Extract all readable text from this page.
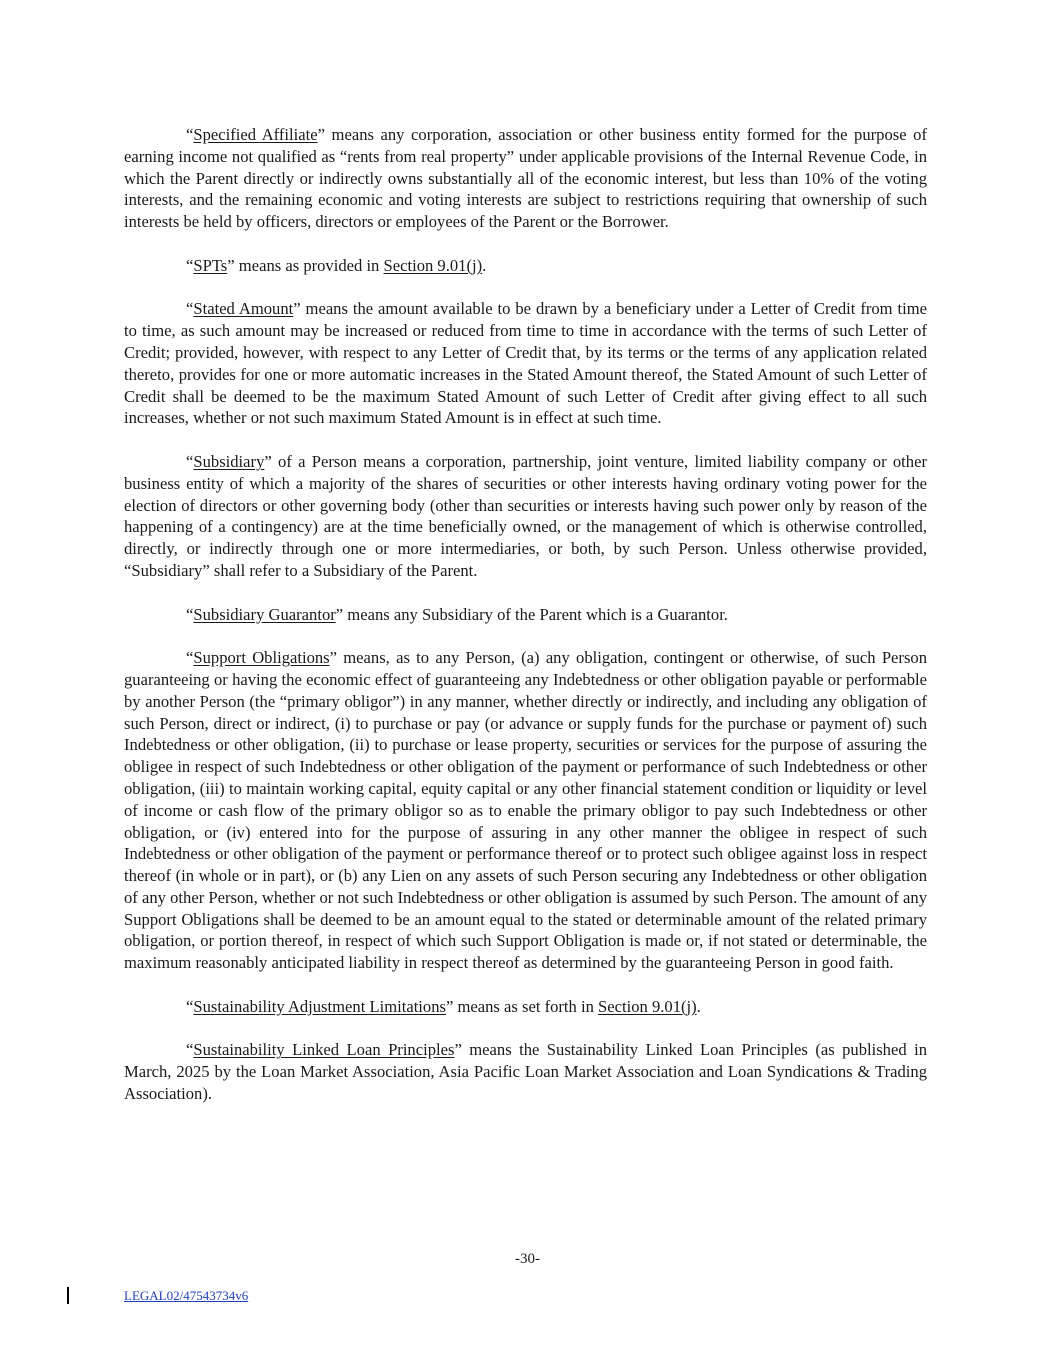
“Specified Affiliate” means any corporation, association or other business entity formed for the purpose of earning income not qualified as “rents from real property” under applicable provisions of the Internal Revenue Code, in which the Parent directly or indirectly owns substantially all of the economic interest, but less than 10% of the voting interests, and the remaining economic and voting interests are subject to restrictions requiring that ownership of such interests be held by officers, directors or employees of the Parent or the Borrower.

“SPTs” means as provided in Section 9.01(j).

“Stated Amount” means the amount available to be drawn by a beneficiary under a Letter of Credit from time to time, as such amount may be increased or reduced from time to time in accordance with the terms of such Letter of Credit; provided, however, with respect to any Letter of Credit that, by its terms or the terms of any application related thereto, provides for one or more automatic increases in the Stated Amount thereof, the Stated Amount of such Letter of Credit shall be deemed to be the maximum Stated Amount of such Letter of Credit after giving effect to all such increases, whether or not such maximum Stated Amount is in effect at such time.

“Subsidiary” of a Person means a corporation, partnership, joint venture, limited liability company or other business entity of which a majority of the shares of securities or other interests having ordinary voting power for the election of directors or other governing body (other than securities or interests having such power only by reason of the happening of a contingency) are at the time beneficially owned, or the management of which is otherwise controlled, directly, or indirectly through one or more intermediaries, or both, by such Person. Unless otherwise provided, “Subsidiary” shall refer to a Subsidiary of the Parent.

“Subsidiary Guarantor” means any Subsidiary of the Parent which is a Guarantor.

“Support Obligations” means, as to any Person, (a) any obligation, contingent or otherwise, of such Person guaranteeing or having the economic effect of guaranteeing any Indebtedness or other obligation payable or performable by another Person (the “primary obligor”) in any manner, whether directly or indirectly, and including any obligation of such Person, direct or indirect, (i) to purchase or pay (or advance or supply funds for the purchase or payment of) such Indebtedness or other obligation, (ii) to purchase or lease property, securities or services for the purpose of assuring the obligee in respect of such Indebtedness or other obligation of the payment or performance of such Indebtedness or other obligation, (iii) to maintain working capital, equity capital or any other financial statement condition or liquidity or level of income or cash flow of the primary obligor so as to enable the primary obligor to pay such Indebtedness or other obligation, or (iv) entered into for the purpose of assuring in any other manner the obligee in respect of such Indebtedness or other obligation of the payment or performance thereof or to protect such obligee against loss in respect thereof (in whole or in part), or (b) any Lien on any assets of such Person securing any Indebtedness or other obligation of any other Person, whether or not such Indebtedness or other obligation is assumed by such Person. The amount of any Support Obligations shall be deemed to be an amount equal to the stated or determinable amount of the related primary obligation, or portion thereof, in respect of which such Support Obligation is made or, if not stated or determinable, the maximum reasonably anticipated liability in respect thereof as determined by the guaranteeing Person in good faith.

“Sustainability Adjustment Limitations” means as set forth in Section 9.01(j).

“Sustainability Linked Loan Principles” means the Sustainability Linked Loan Principles (as published in March, 2025 by the Loan Market Association, Asia Pacific Loan Market Association and Loan Syndications & Trading Association).

-30-
LEGAL02/47543734v6
